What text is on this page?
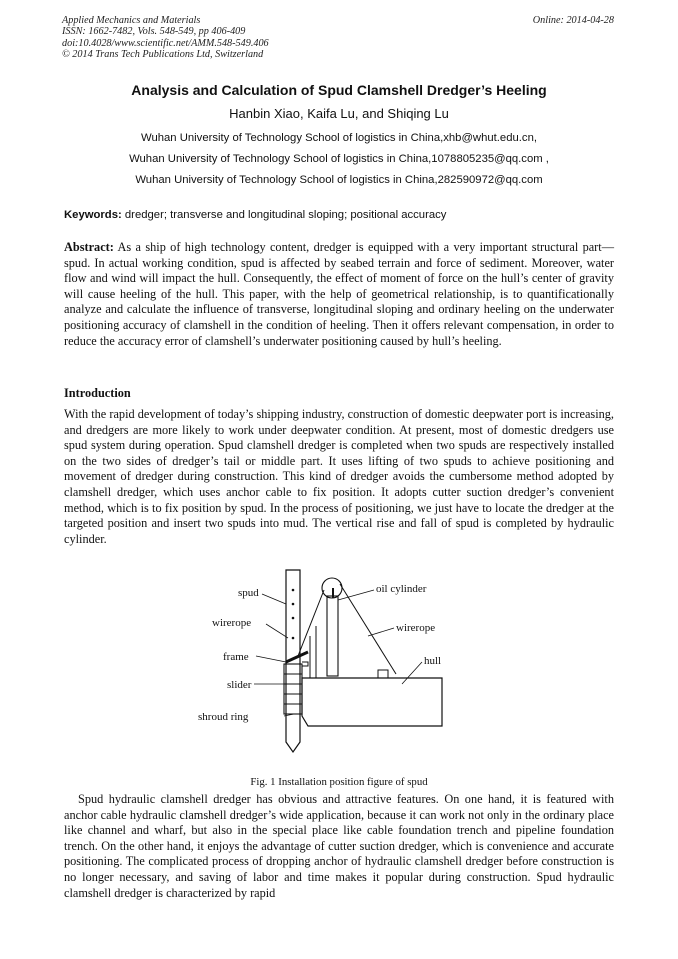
Applied Mechanics and Materials
ISSN: 1662-7482, Vols. 548-549, pp 406-409
doi:10.4028/www.scientific.net/AMM.548-549.406
© 2014 Trans Tech Publications Ltd, Switzerland
Online: 2014-04-28
Analysis and Calculation of Spud Clamshell Dredger’s Heeling
Hanbin Xiao, Kaifa Lu, and Shiqing Lu
Wuhan University of Technology School of logistics in China,xhb@whut.edu.cn,
Wuhan University of Technology School of logistics in China,1078805235@qq.com ,
Wuhan University of Technology School of logistics in China,282590972@qq.com
Keywords: dredger; transverse and longitudinal sloping; positional accuracy
Abstract: As a ship of high technology content, dredger is equipped with a very important structural part—spud. In actual working condition, spud is affected by seabed terrain and force of sediment. Moreover, water flow and wind will impact the hull. Consequently, the effect of moment of force on the hull’s center of gravity will cause heeling of the hull. This paper, with the help of geometrical relationship, is to quantificationally analyze and calculate the influence of transverse, longitudinal sloping and ordinary heeling on the underwater positioning accuracy of clamshell in the condition of heeling. Then it offers relevant compensation, in order to reduce the accuracy error of clamshell’s underwater positioning caused by hull’s heeling.
Introduction
With the rapid development of today’s shipping industry, construction of domestic deepwater port is increasing, and dredgers are more likely to work under deepwater condition. At present, most of domestic dredgers use spud system during operation. Spud clamshell dredger is completed when two spuds are respectively installed on the two sides of dredger’s tail or middle part. It uses lifting of two spuds to achieve positioning and movement of dredger during construction. This kind of dredger avoids the cumbersome method adopted by clamshell dredger, which uses anchor cable to fix position. It adopts cutter suction dredger’s convenient method, which is to fix position by spud. In the process of positioning, we just have to locate the dredger at the targeted position and insert two spuds into mud. The vertical rise and fall of spud is completed by hydraulic cylinder.
spud
wirerope
frame
slider
shroud ring
oil cylinder
wirerope
hull
Fig. 1 Installation position figure of spud
Spud hydraulic clamshell dredger has obvious and attractive features. On one hand, it is featured with anchor cable hydraulic clamshell dredger’s wide application, because it can work not only in the ordinary place like channel and wharf, but also in the special place like cable foundation trench and pipeline foundation trench. On the other hand, it enjoys the advantage of cutter suction dredger, which is convenience and accurate positioning. The complicated process of dropping anchor of hydraulic clamshell dredger before construction is no longer necessary, and saving of labor and time makes it popular during construction. Spud hydraulic clamshell dredger is characterized by rapid
